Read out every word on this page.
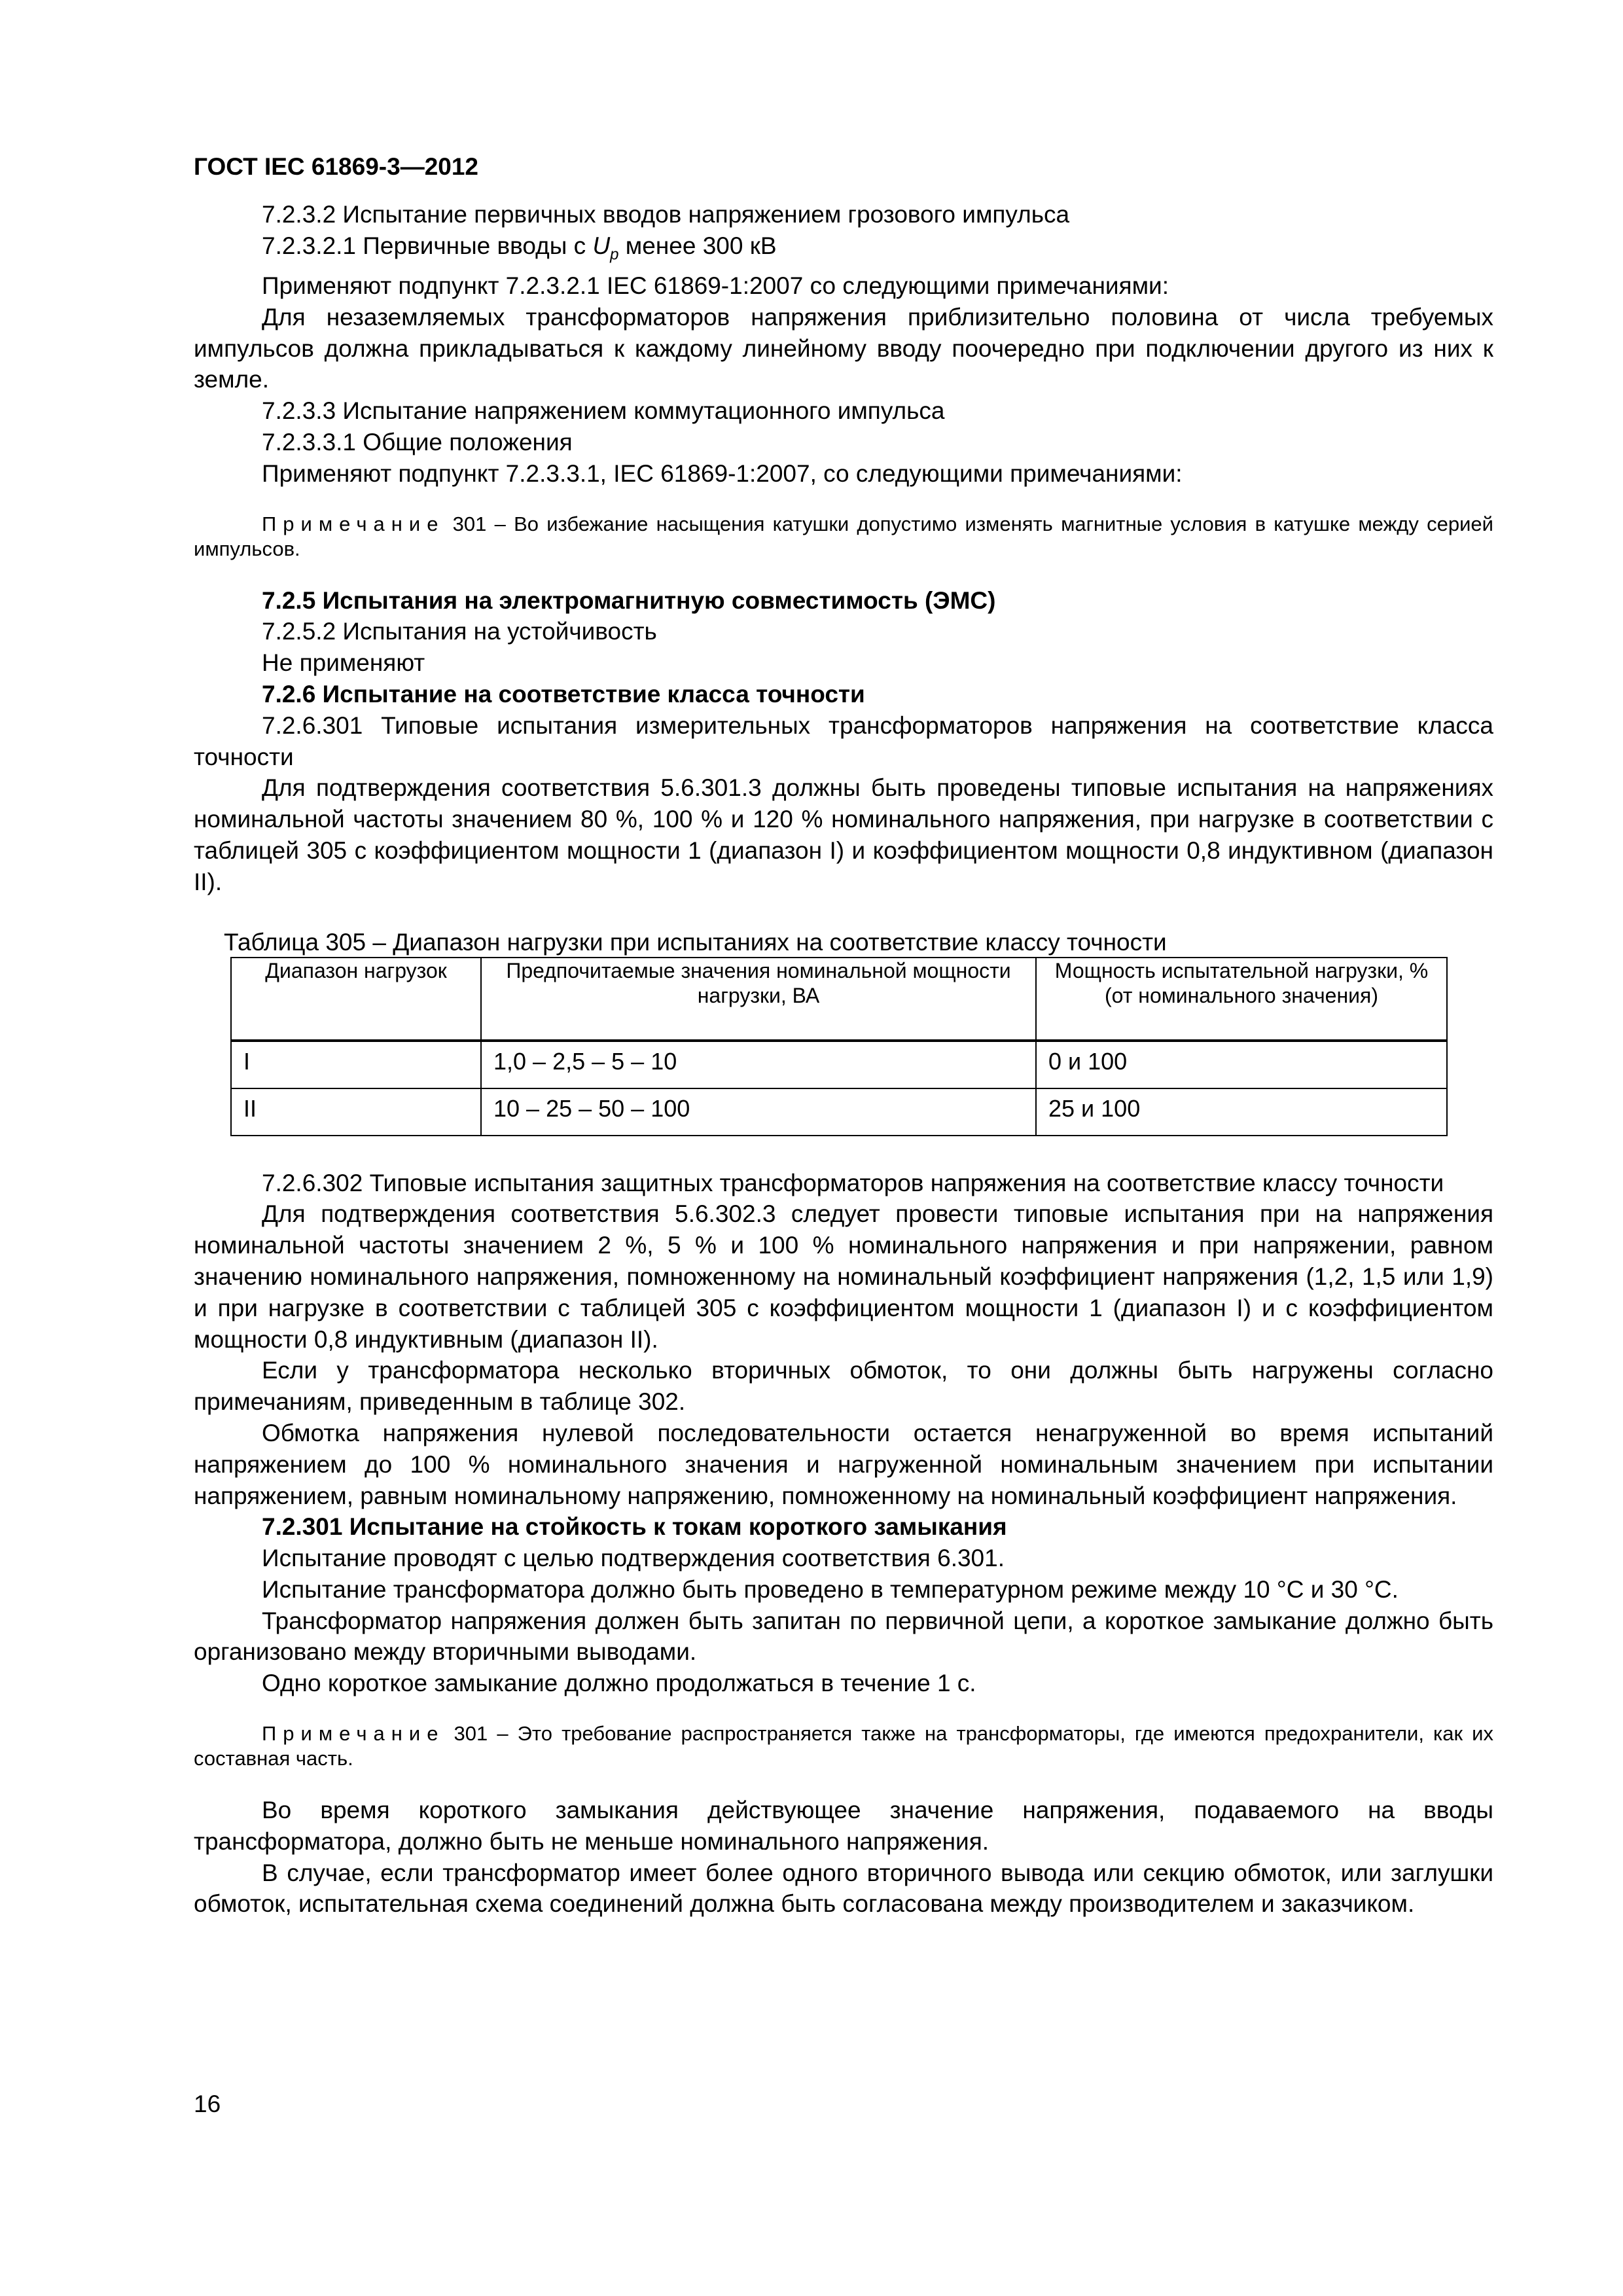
ГОСТ IEC 61869-3—2012

7.2.3.2 Испытание первичных вводов напряжением грозового импульса

7.2.3.2.1 Первичные вводы с $U_p$ менее 300 кВ

Применяют подпункт 7.2.3.2.1 IEC 61869-1:2007 со следующими примечаниями:

Для незаземляемых трансформаторов напряжения приблизительно половина от числа требуемых импульсов должна прикладываться к каждому линейному вводу поочередно при подключении другого из них к земле.

7.2.3.3 Испытание напряжением коммутационного импульса

7.2.3.3.1 Общие положения

Применяют подпункт 7.2.3.3.1, IEC 61869-1:2007, со следующими примечаниями:

Примечание 301 – Во избежание насыщения катушки допустимо изменять магнитные условия в катушке между серией импульсов.

7.2.5 Испытания на электромагнитную совместимость (ЭМС)

7.2.5.2 Испытания на устойчивость

Не применяют

7.2.6 Испытание на соответствие класса точности

7.2.6.301 Типовые испытания измерительных трансформаторов напряжения на соответствие класса точности

Для подтверждения соответствия 5.6.301.3 должны быть проведены типовые испытания на напряжениях номинальной частоты значением 80 %, 100 % и 120 % номинального напряжения, при нагрузке в соответствии с таблицей 305 с коэффициентом мощности 1 (диапазон I) и коэффициентом мощности 0,8 индуктивном (диапазон II).

Таблица 305 – Диапазон нагрузки при испытаниях на соответствие классу точности

Диапазон нагрузок	Предпочитаемые значения номинальной мощности нагрузки, ВА	Мощность испытательной нагрузки, % (от номинального значения)
I	1,0 – 2,5 – 5 – 10	0 и 100
II	10 – 25 – 50 – 100	25 и 100

7.2.6.302 Типовые испытания защитных трансформаторов напряжения на соответствие классу точности

Для подтверждения соответствия 5.6.302.3 следует провести типовые испытания при на напряжения номинальной частоты значением 2 %, 5 % и 100 % номинального напряжения и при напряжении, равном значению номинального напряжения, помноженному на номинальный коэффициент напряжения (1,2, 1,5 или 1,9) и при нагрузке в соответствии с таблицей 305 с коэффициентом мощности 1 (диапазон I) и с коэффициентом мощности 0,8 индуктивным (диапазон II).

Если у трансформатора несколько вторичных обмоток, то они должны быть нагружены согласно примечаниям, приведенным в таблице 302.

Обмотка напряжения нулевой последовательности остается ненагруженной во время испытаний напряжением до 100 % номинального значения и нагруженной номинальным значением при испытании напряжением, равным номинальному напряжению, помноженному на номинальный коэффициент напряжения.

7.2.301 Испытание на стойкость к токам короткого замыкания

Испытание проводят с целью подтверждения соответствия 6.301.

Испытание трансформатора должно быть проведено в температурном режиме между 10 °С и 30 °С.

Трансформатор напряжения должен быть запитан по первичной цепи, а короткое замыкание должно быть организовано между вторичными выводами.

Одно короткое замыкание должно продолжаться в течение 1 с.

Примечание 301 – Это требование распространяется также на трансформаторы, где имеются предохранители, как их составная часть.

Во время короткого замыкания действующее значение напряжения, подаваемого на вводы трансформатора, должно быть не меньше номинального напряжения.

В случае, если трансформатор имеет более одного вторичного вывода или секцию обмоток, или заглушки обмоток, испытательная схема соединений должна быть согласована между производителем и заказчиком.

16
